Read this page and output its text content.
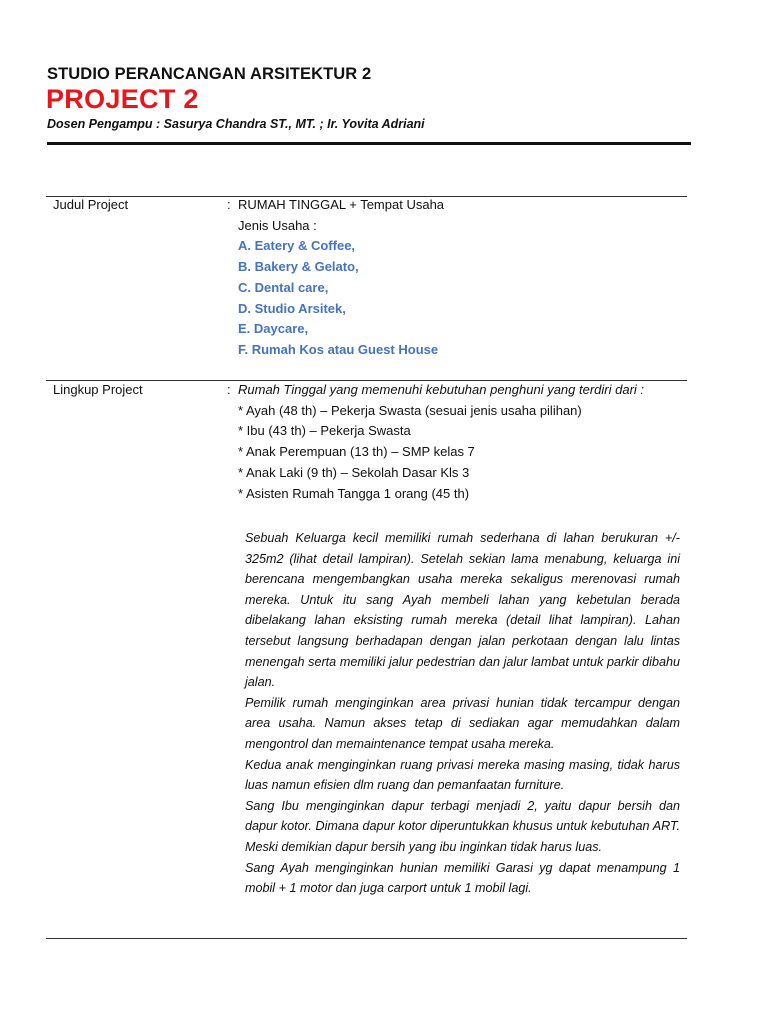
STUDIO PERANCANGAN ARSITEKTUR 2
PROJECT 2
Dosen Pengampu : Sasurya Chandra ST., MT. ; Ir. Yovita Adriani
Judul Project	: RUMAH TINGGAL + Tempat Usaha
Jenis Usaha :
A. Eatery & Coffee,
B. Bakery & Gelato,
C. Dental care,
D. Studio Arsitek,
E. Daycare,
F. Rumah Kos atau Guest House
Lingkup Project	: Rumah Tinggal yang memenuhi kebutuhan penghuni yang terdiri dari :
* Ayah (48 th) – Pekerja Swasta (sesuai jenis usaha pilihan)
* Ibu (43 th) – Pekerja Swasta
* Anak Perempuan (13 th) – SMP kelas 7
* Anak Laki (9 th) – Sekolah Dasar Kls 3
* Asisten Rumah Tangga 1 orang (45 th)

Sebuah Keluarga kecil memiliki rumah sederhana di lahan berukuran +/- 325m2 (lihat detail lampiran). Setelah sekian lama menabung, keluarga ini berencana mengembangkan usaha mereka sekaligus merenovasi rumah mereka. Untuk itu sang Ayah membeli lahan yang kebetulan berada dibelakang lahan eksisting rumah mereka (detail lihat lampiran). Lahan tersebut langsung berhadapan dengan jalan perkotaan dengan lalu lintas menengah serta memiliki jalur pedestrian dan jalur lambat untuk parkir dibahu jalan.

Pemilik rumah menginginkan area privasi hunian tidak tercampur dengan area usaha. Namun akses tetap di sediakan agar memudahkan dalam mengontrol dan memaintenance tempat usaha mereka.

Kedua anak menginginkan ruang privasi mereka masing masing, tidak harus luas namun efisien dlm ruang dan pemanfaatan furniture.

Sang Ibu menginginkan dapur terbagi menjadi 2, yaitu dapur bersih dan dapur kotor. Dimana dapur kotor diperuntukkan khusus untuk kebutuhan ART. Meski demikian dapur bersih yang ibu inginkan tidak harus luas.

Sang Ayah menginginkan hunian memiliki Garasi yg dapat menampung 1 mobil + 1 motor dan juga carport untuk 1 mobil lagi.
